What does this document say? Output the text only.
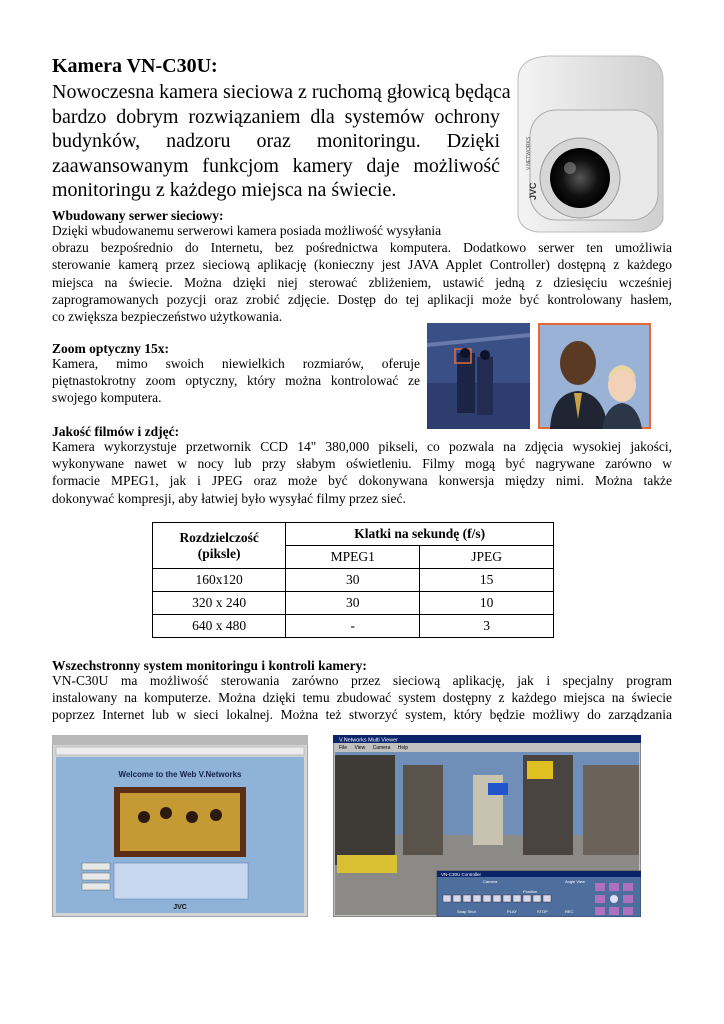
Kamera VN-C30U:
Nowoczesna kamera sieciowa z ruchomą głowicą będąca
bardzo dobrym rozwiązaniem dla systemów ochrony
budynków, nadzoru oraz monitoringu. Dzięki
zaawansowanym funkcjom kamery daje możliwość
monitoringu z każdego miejsca na świecie.	JVC
V.NETWORKS
Wbudowany serwer sieciowy:
Dzięki wbudowanemu serwerowi kamera posiada możliwość wysyłania
obrazu bezpośrednio do Internetu, bez pośrednictwa komputera. Dodatkowo serwer ten umożliwia
sterowanie kamerą przez sieciową aplikację (konieczny jest JAVA Applet Controller) dostępną z każdego
miejsca na świecie. Można dzięki niej sterować zbliżeniem, ustawić jedną z dziesięciu wcześniej
zaprogramowanych pozycji oraz zrobić zdjęcie. Dostęp do tej aplikacji może być kontrolowany hasłem,
co zwiększa bezpieczeństwo użytkowania.
Zoom optyczny 15x:
Kamera, mimo swoich niewielkich rozmiarów, oferuje
piętnastokrotny zoom optyczny, który można kontrolować ze
swojego komputera.
Jakość filmów i zdjęć:
Kamera wykorzystuje przetwornik CCD 14" 380,000 pikseli, co pozwala na zdjęcia wysokiej jakości,
wykonywane nawet w nocy lub przy słabym oświetleniu. Filmy mogą być nagrywane zarówno w
formacie MPEG1, jak i JPEG oraz może być dokonywana konwersja między nimi. Można także
dokonywać kompresji, aby łatwiej było wysyłać filmy przez sieć.
Rozdzielczość
(piksle)	Klatki na sekundę (f/s)	
	MPEG1	JPEG
160x120	30	15
320 x 240	30	10
640 x 480	-	3
Wszechstronny system monitoringu i kontroli kamery:
VN-C30U ma możliwość sterowania zarówno przez sieciową aplikację, jak i specjalny program
instalowany na komputerze. Można dzięki temu zbudować system dostępny z każdego miejsca na świecie
poprzez Internet lub w sieci lokalnej. Można też stworzyć system, który będzie możliwy do zarządzania
Welcome to the Web V.Networks
JVC
V.Networks Multi Viewer
File View Camera Help
VN-C30U Controller
Camera	Angle View
Position
Snap Shot	PLAY	STOP	REC
